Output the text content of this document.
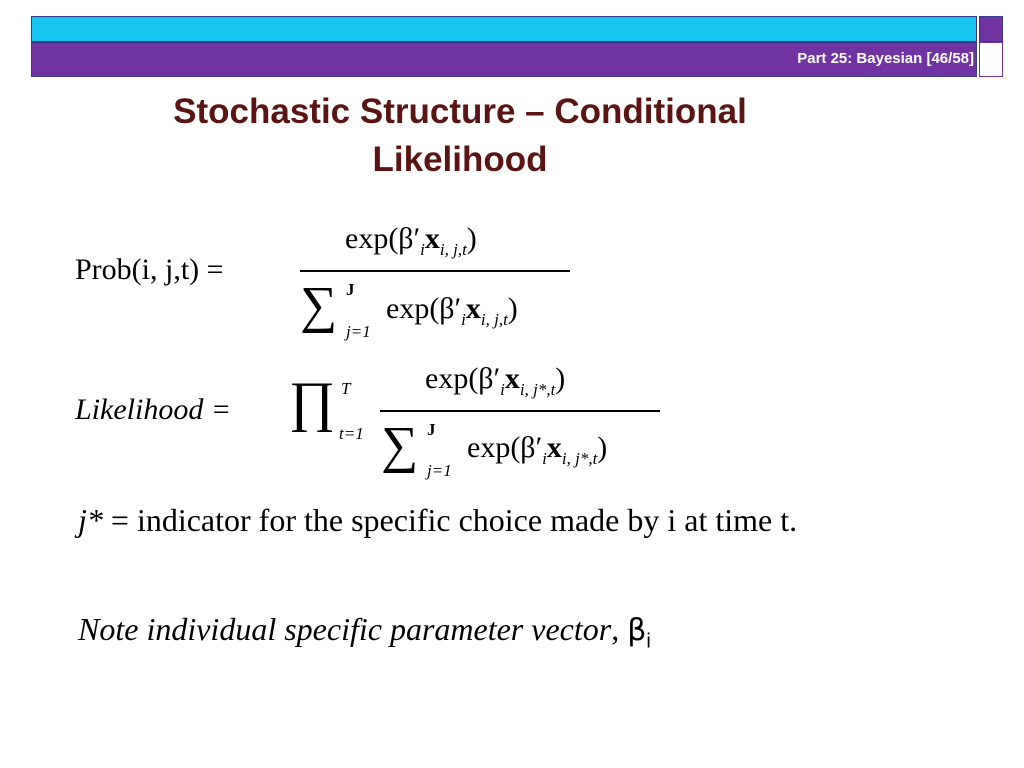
Part 25: Bayesian [46/58]
Stochastic Structure – Conditional
Likelihood
Prob(i, j,t) =
$\exp(\beta'_ix_{i, j,t})$
∑ J
j=1
$\exp(\beta'_ix_{i, j,t})$
Likelihood = ∏ T
t=1
$\exp(\beta'_ix_{i, j*,t})$
∑ J
j=1
$\exp(\beta'_ix_{i, j*,t})$
j* = indicator for the specific choice made by i at time t.
Note individual specific parameter vector, $\beta_i$
